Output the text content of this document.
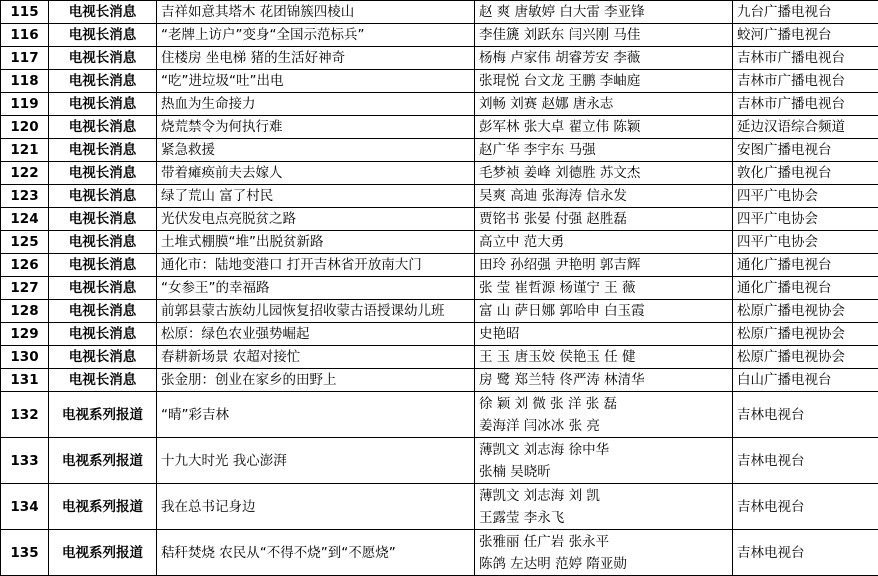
115	电视长消息	吉祥如意其塔木 花团锦簇四棱山	赵 爽 唐敏婷 白大雷 李亚锋	九台广播电视台
116	电视长消息	“老牌上访户”变身“全国示范标兵”	李佳篪 刘跃东 闫兴刚 马佳	蛟河广播电视台
117	电视长消息	住楼房 坐电梯 猪的生活好神奇	杨梅 卢家伟 胡睿芳安 李薇	吉林市广播电视台
118	电视长消息	“吃”进垃圾“吐”出电	张琨悦 台文龙 王鹏 李岫庭	吉林市广播电视台
119	电视长消息	热血为生命接力	刘畅 刘赛 赵娜 唐永志	吉林市广播电视台
120	电视长消息	烧荒禁令为何执行难	彭军林 张大卓 翟立伟 陈颖	延边汉语综合频道
121	电视长消息	紧急救援	赵广华 李宇东 马强	安图广播电视台
122	电视长消息	带着瘫痪前夫去嫁人	毛梦祯 姜峰 刘德胜 苏文杰	敦化广播电视台
123	电视长消息	绿了荒山 富了村民	吴爽 高迪 张海涛 信永发	四平广电协会
124	电视长消息	光伏发电点亮脱贫之路	贾铭书 张晏 付强 赵胜磊	四平广电协会
125	电视长消息	土堆式棚膜“堆”出脱贫新路	高立中 范大勇	四平广电协会
126	电视长消息	通化市：陆地变港口 打开吉林省开放南大门	田玲 孙绍强 尹艳明 郭吉辉	通化广播电视台
127	电视长消息	“女参王”的幸福路	张 莹 崔哲源 杨谨宁 王 薇	通化广播电视台
128	电视长消息	前郭县蒙古族幼儿园恢复招收蒙古语授课幼儿班	富 山 萨日娜 郭哈申 白玉霞	松原广播电视协会
129	电视长消息	松原：绿色农业强势崛起	史艳昭	松原广播电视协会
130	电视长消息	春耕新场景 农超对接忙	王 玉 唐玉姣 侯艳玉 任 健	松原广播电视协会
131	电视长消息	张金朋：创业在家乡的田野上	房 鹭 郑兰特 佟严涛 林清华	白山广播电视台
132	电视系列报道	“晴”彩吉林	徐 颖 刘 微 张 洋 张 磊
姜海洋 闫冰冰 张 亮	吉林电视台
133	电视系列报道	十九大时光 我心澎湃	薄凯文 刘志海 徐中华
张楠 吴晓昕	吉林电视台
134	电视系列报道	我在总书记身边	薄凯文 刘志海 刘 凯
王露莹 李永飞	吉林电视台
135	电视系列报道	秸秆焚烧 农民从“不得不烧”到“不愿烧”	张雅丽 任广岩 张永平
陈鸽 左达明 范婷 隋亚勋	吉林电视台
